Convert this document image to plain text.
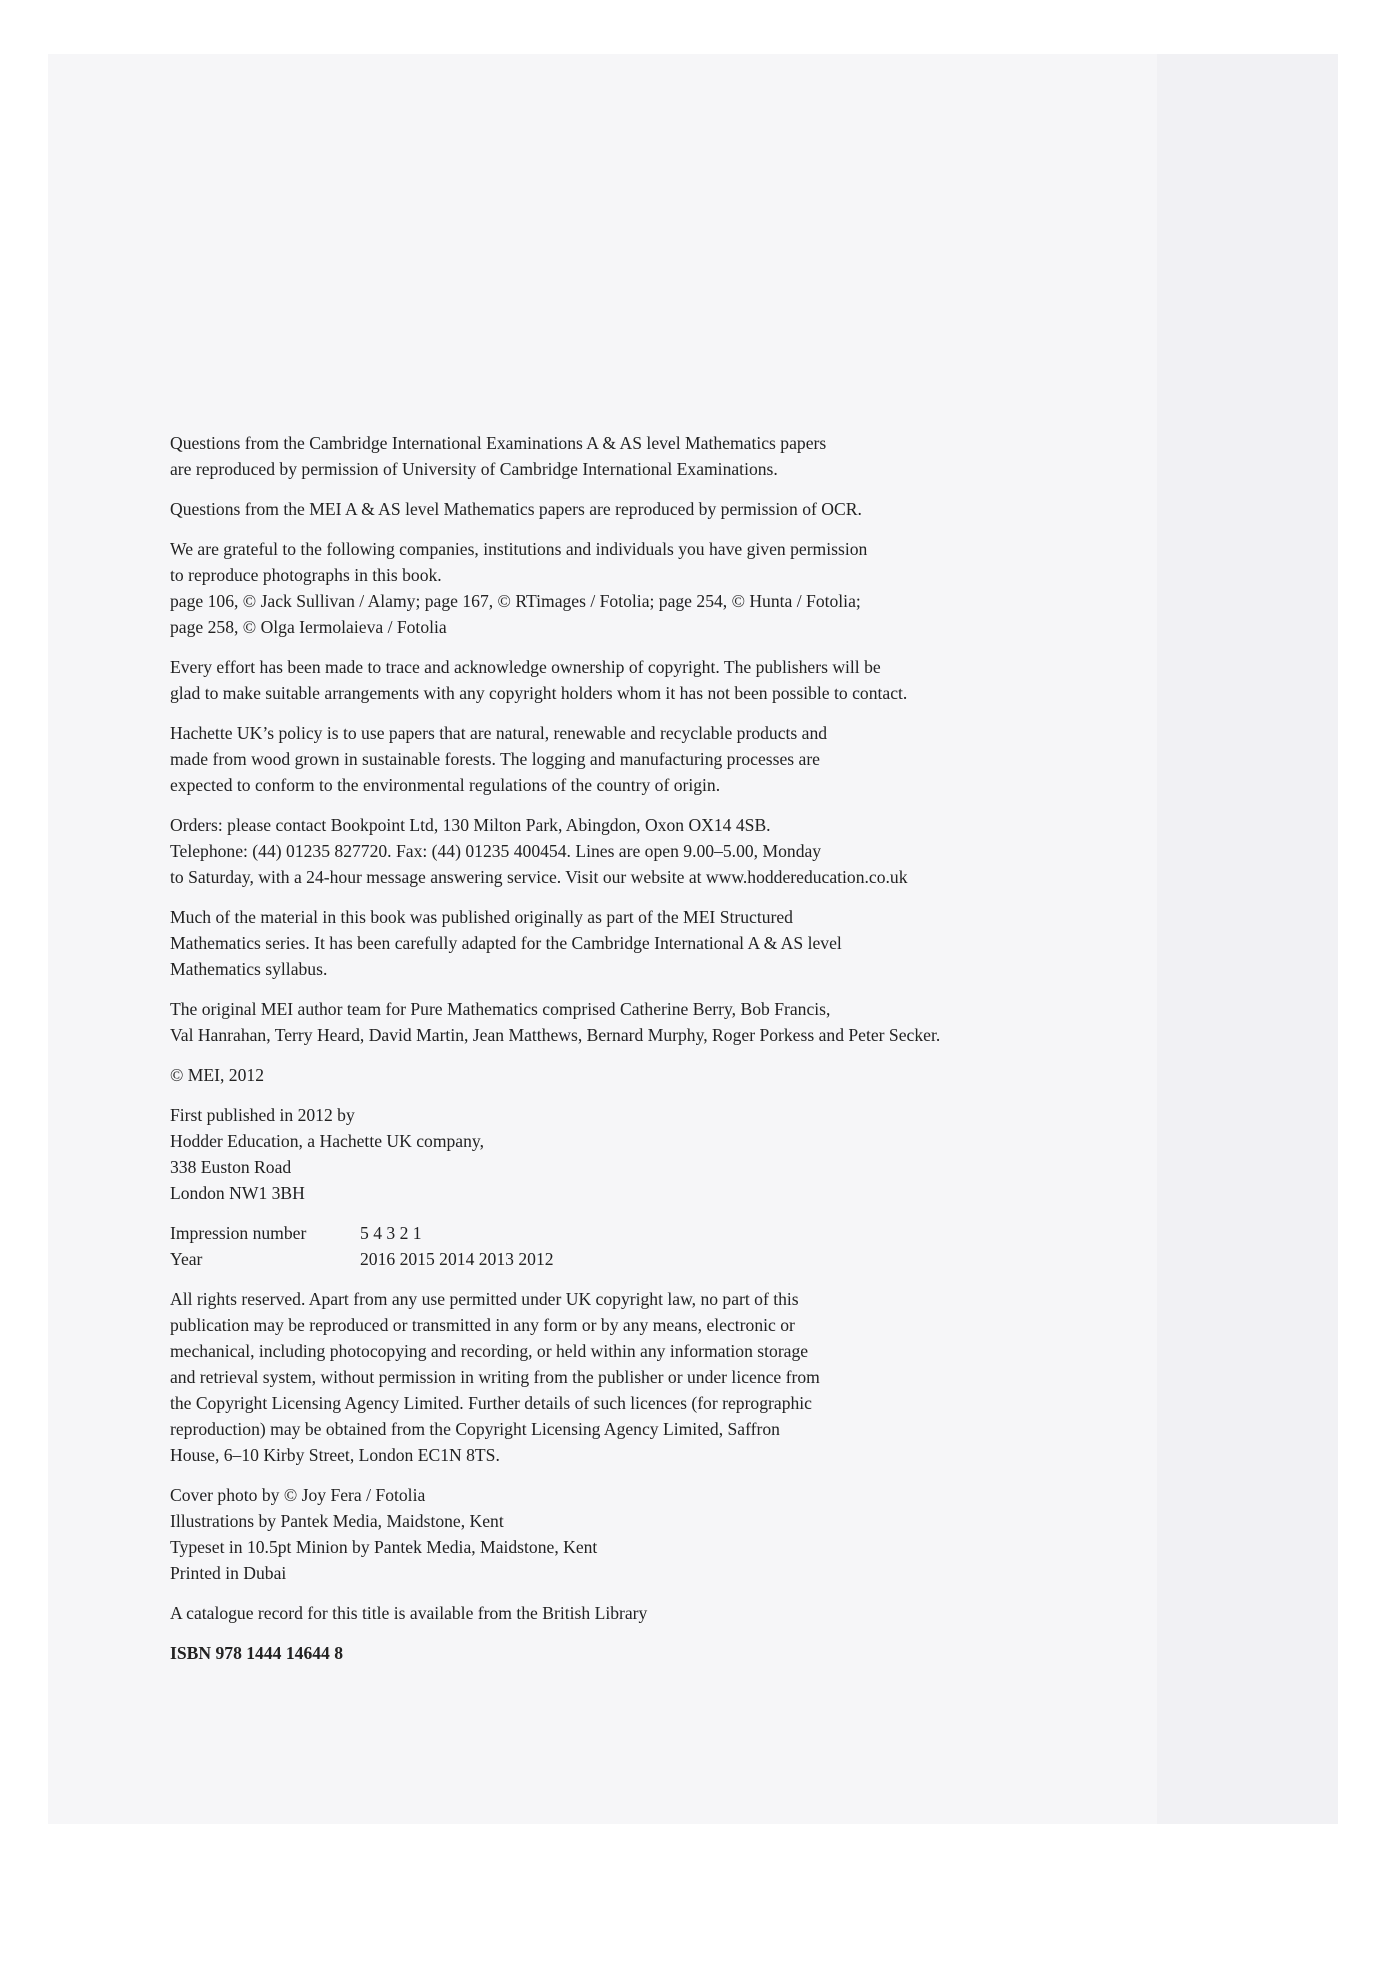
Questions from the Cambridge International Examinations A & AS level Mathematics papers
are reproduced by permission of University of Cambridge International Examinations.

Questions from the MEI A & AS level Mathematics papers are reproduced by permission of OCR.

We are grateful to the following companies, institutions and individuals you have given permission
to reproduce photographs in this book.
page 106, © Jack Sullivan / Alamy; page 167, © RTimages / Fotolia; page 254, © Hunta / Fotolia;
page 258, © Olga Iermolaieva / Fotolia

Every effort has been made to trace and acknowledge ownership of copyright. The publishers will be
glad to make suitable arrangements with any copyright holders whom it has not been possible to contact.

Hachette UK’s policy is to use papers that are natural, renewable and recyclable products and
made from wood grown in sustainable forests. The logging and manufacturing processes are
expected to conform to the environmental regulations of the country of origin.

Orders: please contact Bookpoint Ltd, 130 Milton Park, Abingdon, Oxon OX14 4SB.
Telephone: (44) 01235 827720. Fax: (44) 01235 400454. Lines are open 9.00–5.00, Monday
to Saturday, with a 24-hour message answering service. Visit our website at www.hoddereducation.co.uk

Much of the material in this book was published originally as part of the MEI Structured
Mathematics series. It has been carefully adapted for the Cambridge International A & AS level
Mathematics syllabus.

The original MEI author team for Pure Mathematics comprised Catherine Berry, Bob Francis,
Val Hanrahan, Terry Heard, David Martin, Jean Matthews, Bernard Murphy, Roger Porkess and Peter Secker.

© MEI, 2012

First published in 2012 by
Hodder Education, a Hachette UK company,
338 Euston Road
London NW1 3BH

Impression number	5 4 3 2 1
Year	2016 2015 2014 2013 2012

All rights reserved. Apart from any use permitted under UK copyright law, no part of this
publication may be reproduced or transmitted in any form or by any means, electronic or
mechanical, including photocopying and recording, or held within any information storage
and retrieval system, without permission in writing from the publisher or under licence from
the Copyright Licensing Agency Limited. Further details of such licences (for reprographic
reproduction) may be obtained from the Copyright Licensing Agency Limited, Saffron
House, 6–10 Kirby Street, London EC1N 8TS.

Cover photo by © Joy Fera / Fotolia
Illustrations by Pantek Media, Maidstone, Kent
Typeset in 10.5pt Minion by Pantek Media, Maidstone, Kent
Printed in Dubai

A catalogue record for this title is available from the British Library

ISBN 978 1444 14644 8
